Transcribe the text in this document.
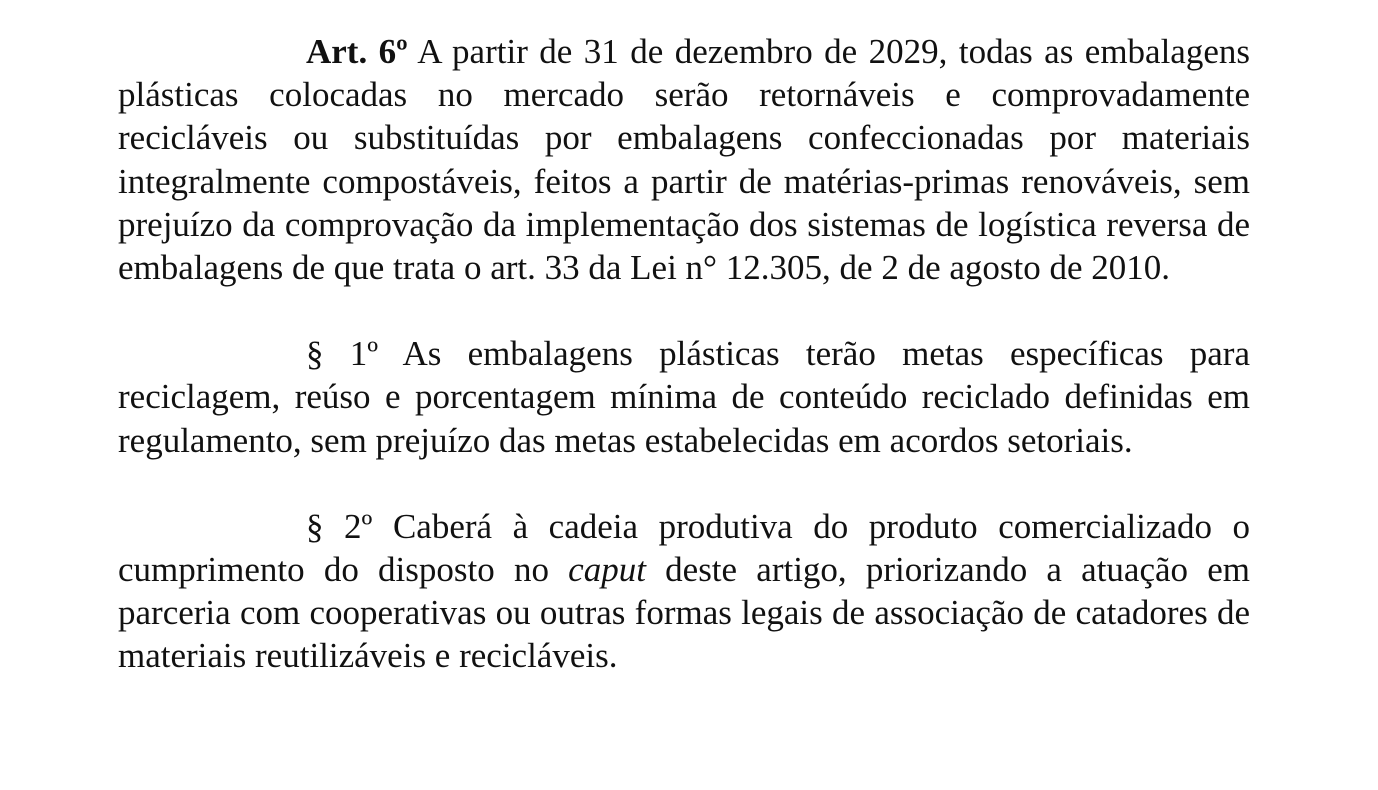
Art. 6º A partir de 31 de dezembro de 2029, todas as embalagens plásticas colocadas no mercado serão retornáveis e comprovadamente recicláveis ou substituídas por embalagens confeccionadas por materiais integralmente compostáveis, feitos a partir de matérias-primas renováveis, sem prejuízo da comprovação da implementação dos sistemas de logística reversa de embalagens de que trata o art. 33 da Lei n° 12.305, de 2 de agosto de 2010.

§ 1º As embalagens plásticas terão metas específicas para reciclagem, reúso e porcentagem mínima de conteúdo reciclado definidas em regulamento, sem prejuízo das metas estabelecidas em acordos setoriais.

§ 2º Caberá à cadeia produtiva do produto comercializado o cumprimento do disposto no caput deste artigo, priorizando a atuação em parceria com cooperativas ou outras formas legais de associação de catadores de materiais reutilizáveis e recicláveis.
